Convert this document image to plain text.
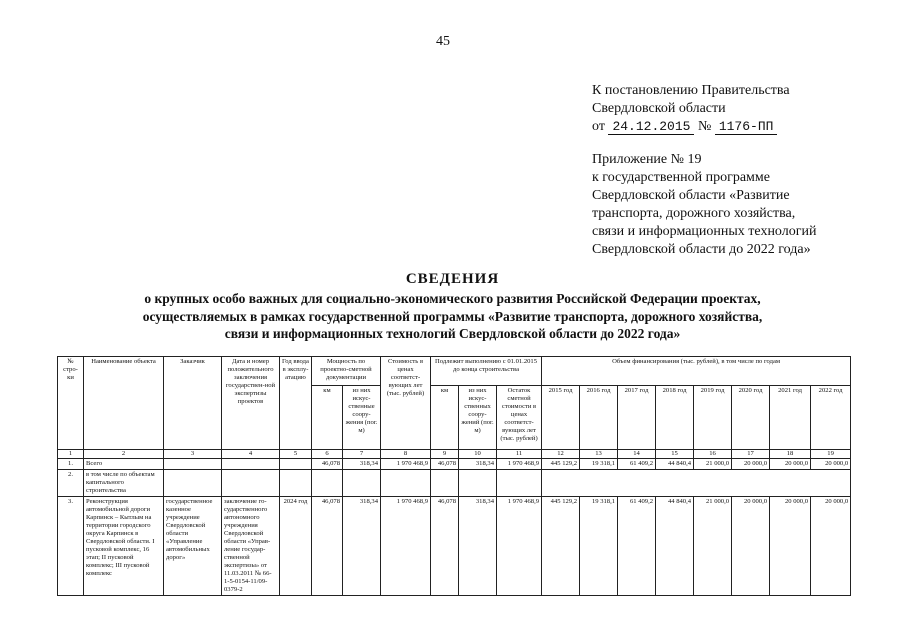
45
К постановлению Правительства
Свердловской области
от 24.12.2015 № 1176-ПП
Приложение № 19
к государственной программе
Свердловской области «Развитие
транспорта, дорожного хозяйства,
связи и информационных технологий
Свердловской области до 2022 года»
СВЕДЕНИЯ
о крупных особо важных для социально-экономического развития Российской Федерации проектах,
осуществляемых в рамках государственной программы «Развитие транспорта, дорожного хозяйства,
связи и информационных технологий Свердловской области до 2022 года»
№ стро-ки	Наименование объекта	Заказчик	Дата и номер положительного заключения государствен-ной экспертизы проектов	Год ввода в эксплу-атацию	Мощность по проектно-сметной документации		Стоимость в ценах соответст-вующих лет (тыс. рублей)	Подлежит выполнению с 01.01.2015 до конца строительства			Объем финансирования (тыс. рублей), в том числе по годам							
					км	из них искус-ственные соору-жения (пог. м)		км	из них искус-ственных соору-жений (пог. м)	Остаток сметной стоимости в ценах соответст-вующих лет (тыс. рублей)	2015 год	2016 год	2017 год	2018 год	2019 год	2020 год	2021 год	2022 год
1	2	3	4	5	6	7	8	9	10	11	12	13	14	15	16	17	18	19
1.	Всего				46,078	318,34	1 970 468,9	46,078	318,34	1 970 468,9	445 129,2	19 318,1	61 409,2	44 840,4	21 000,0	20 000,0	20 000,0	20 000,0
2.	в том числе по объектам капитального строительства																	
3.	Реконструкция автомобильной дороги Карпинск – Кытлым на территории городского округа Карпинск в Свердловской области. I пусковой комплекс, 16 этап; II пусковой комплекс; III пусковой комплекс	государственное казенное учреждение Свердловской области «Управление автомобильных дорог»	заключение го-сударственного автономного учреждения Свердловской области «Управ-ление государ-ственной экспертизы» от 11.03.2011 № 66-1-5-0154-11/09-0379-2	2024 год	46,078	318,34	1 970 468,9	46,078	318,34	1 970 468,9	445 129,2	19 318,1	61 409,2	44 840,4	21 000,0	20 000,0	20 000,0	20 000,0
